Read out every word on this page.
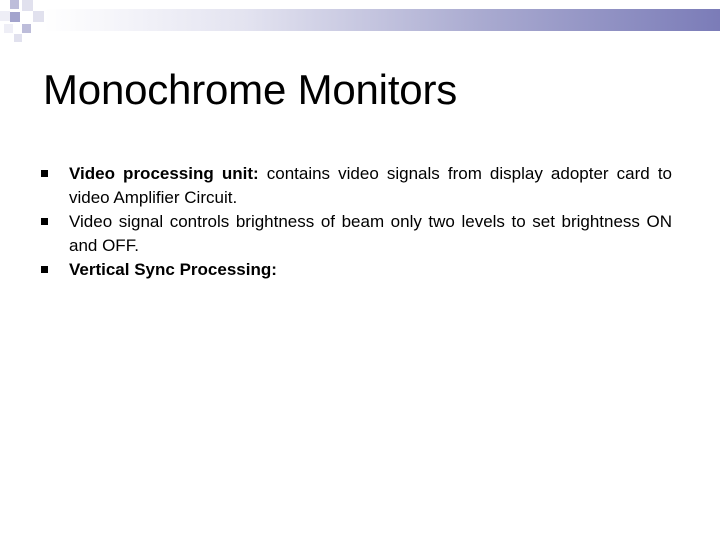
Monochrome Monitors
Video processing unit: contains video signals from display adopter card to video Amplifier Circuit.
Video signal controls brightness of beam only two levels to set brightness ON and OFF.
Vertical Sync Processing:
